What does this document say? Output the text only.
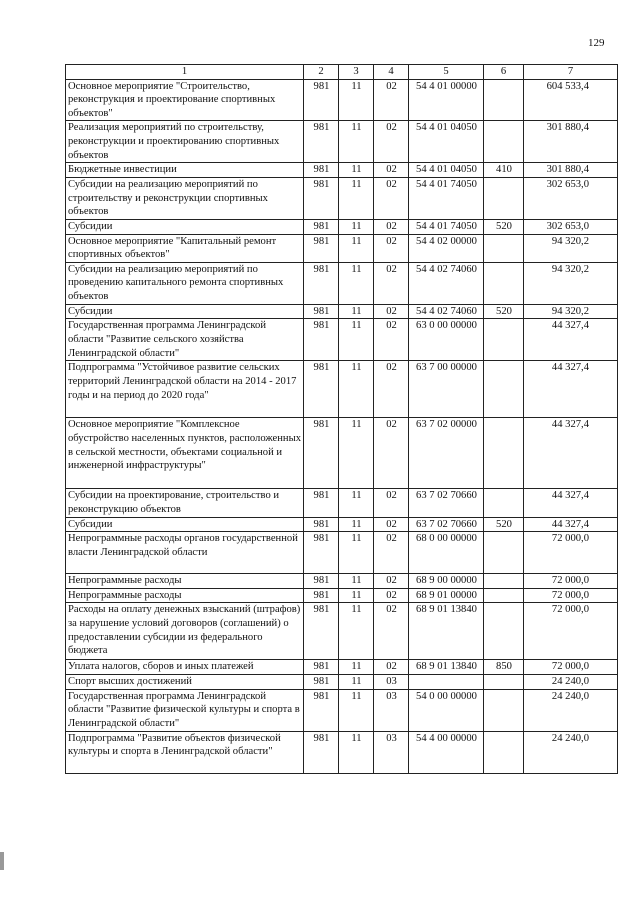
129
1	2	3	4	5	6	7
Основное мероприятие "Строительство, реконструкция и проектирование спортивных объектов"	981	11	02	54 4 01 00000		604 533,4
Реализация мероприятий по строительству, реконструкции и проектированию спортивных объектов	981	11	02	54 4 01 04050		301 880,4
Бюджетные инвестиции	981	11	02	54 4 01 04050	410	301 880,4
Субсидии на реализацию мероприятий по строительству и реконструкции спортивных объектов	981	11	02	54 4 01 74050		302 653,0
Субсидии	981	11	02	54 4 01 74050	520	302 653,0
Основное мероприятие "Капитальный ремонт спортивных объектов"	981	11	02	54 4 02 00000		94 320,2
Субсидии на реализацию мероприятий по проведению капитального ремонта спортивных объектов	981	11	02	54 4 02 74060		94 320,2
Субсидии	981	11	02	54 4 02 74060	520	94 320,2
Государственная программа Ленинградской области "Развитие сельского хозяйства Ленинградской области"	981	11	02	63 0 00 00000		44 327,4
Подпрограмма "Устойчивое развитие сельских территорий Ленинградской области на 2014 - 2017 годы и на период до 2020 года"	981	11	02	63 7 00 00000		44 327,4
Основное мероприятие "Комплексное обустройство населенных пунктов, расположенных в сельской местности, объектами социальной и инженерной инфраструктуры"	981	11	02	63 7 02 00000		44 327,4
Субсидии на проектирование, строительство и реконструкцию объектов	981	11	02	63 7 02 70660		44 327,4
Субсидии	981	11	02	63 7 02 70660	520	44 327,4
Непрограммные расходы органов государственной власти Ленинградской области	981	11	02	68 0 00 00000		72 000,0
Непрограммные расходы	981	11	02	68 9 00 00000		72 000,0
Непрограммные расходы	981	11	02	68 9 01 00000		72 000,0
Расходы на оплату денежных взысканий (штрафов) за нарушение условий договоров (соглашений) о предоставлении субсидии из федерального бюджета	981	11	02	68 9 01 13840		72 000,0
Уплата налогов, сборов и иных платежей	981	11	02	68 9 01 13840	850	72 000,0
Спорт высших достижений	981	11	03			24 240,0
Государственная программа Ленинградской области "Развитие физической культуры и спорта в Ленинградской области"	981	11	03	54 0 00 00000		24 240,0
Подпрограмма "Развитие объектов физической культуры и спорта в Ленинградской области"	981	11	03	54 4 00 00000		24 240,0
